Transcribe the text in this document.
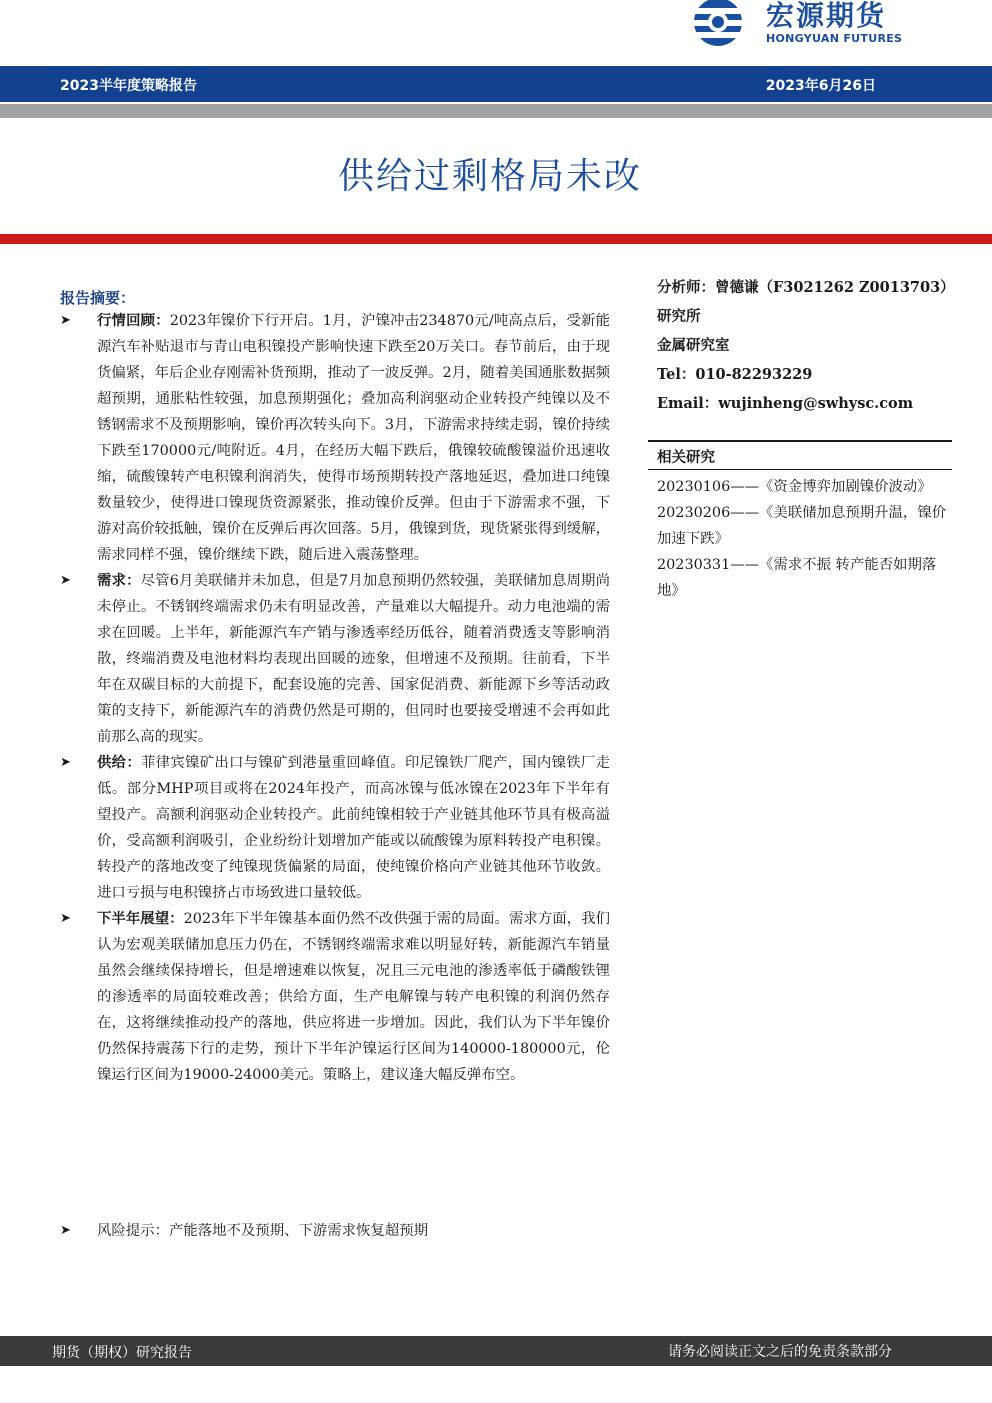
宏源期货
HONGYUAN FUTURES
2023半年度策略报告	2023年6月26日
供给过剩格局未改
报告摘要：
➤ 行情回顾：2023年镍价下行开启。1月，沪镍冲击234870元/吨高点后，受新能源汽车补贴退市与青山电积镍投产影响快速下跌至20万关口。春节前后，由于现货偏紧，年后企业存刚需补货预期，推动了一波反弹。2月，随着美国通胀数据频超预期，通胀粘性较强，加息预期强化；叠加高利润驱动企业转投产纯镍以及不锈钢需求不及预期影响，镍价再次转头向下。3月，下游需求持续走弱，镍价持续下跌至170000元/吨附近。4月，在经历大幅下跌后，俄镍较硫酸镍溢价迅速收缩，硫酸镍转产电积镍利润消失，使得市场预期转投产落地延迟，叠加进口纯镍数量较少，使得进口镍现货资源紧张，推动镍价反弹。但由于下游需求不强，下游对高价较抵触，镍价在反弹后再次回落。5月，俄镍到货，现货紧张得到缓解，需求同样不强，镍价继续下跌，随后进入震荡整理。
➤ 需求：尽管6月美联储并未加息，但是7月加息预期仍然较强，美联储加息周期尚未停止。不锈钢终端需求仍未有明显改善，产量难以大幅提升。动力电池端的需求在回暖。上半年，新能源汽车产销与渗透率经历低谷，随着消费透支等影响消散，终端消费及电池材料均表现出回暖的迹象，但增速不及预期。往前看，下半年在双碳目标的大前提下，配套设施的完善、国家促消费、新能源下乡等活动政策的支持下，新能源汽车的消费仍然是可期的，但同时也要接受增速不会再如此前那么高的现实。
➤ 供给：菲律宾镍矿出口与镍矿到港量重回峰值。印尼镍铁厂爬产，国内镍铁厂走低。部分MHP项目或将在2024年投产，而高冰镍与低冰镍在2023年下半年有望投产。高额利润驱动企业转投产。此前纯镍相较于产业链其他环节具有极高溢价，受高额利润吸引，企业纷纷计划增加产能或以硫酸镍为原料转投产电积镍。转投产的落地改变了纯镍现货偏紧的局面，使纯镍价格向产业链其他环节收敛。进口亏损与电积镍挤占市场致进口量较低。
➤ 下半年展望：2023年下半年镍基本面仍然不改供强于需的局面。需求方面，我们认为宏观美联储加息压力仍在，不锈钢终端需求难以明显好转，新能源汽车销量虽然会继续保持增长，但是增速难以恢复，况且三元电池的渗透率低于磷酸铁锂的渗透率的局面较难改善；供给方面，生产电解镍与转产电积镍的利润仍然存在，这将继续推动投产的落地，供应将进一步增加。因此，我们认为下半年镍价仍然保持震荡下行的走势，预计下半年沪镍运行区间为140000-180000元，伦镍运行区间为19000-24000美元。策略上，建议逢大幅反弹布空。
➤ 风险提示：产能落地不及预期、下游需求恢复超预期
分析师：曾德谦（F3021262 Z0013703）
研究所
金属研究室
Tel：010-82293229
Email：wujinheng@swhysc.com
相关研究
20230106——《资金博弈加剧镍价波动》
20230206——《美联储加息预期升温，镍价加速下跌》
20230331——《需求不振 转产能否如期落地》
期货（期权）研究报告	请务必阅读正文之后的免责条款部分
